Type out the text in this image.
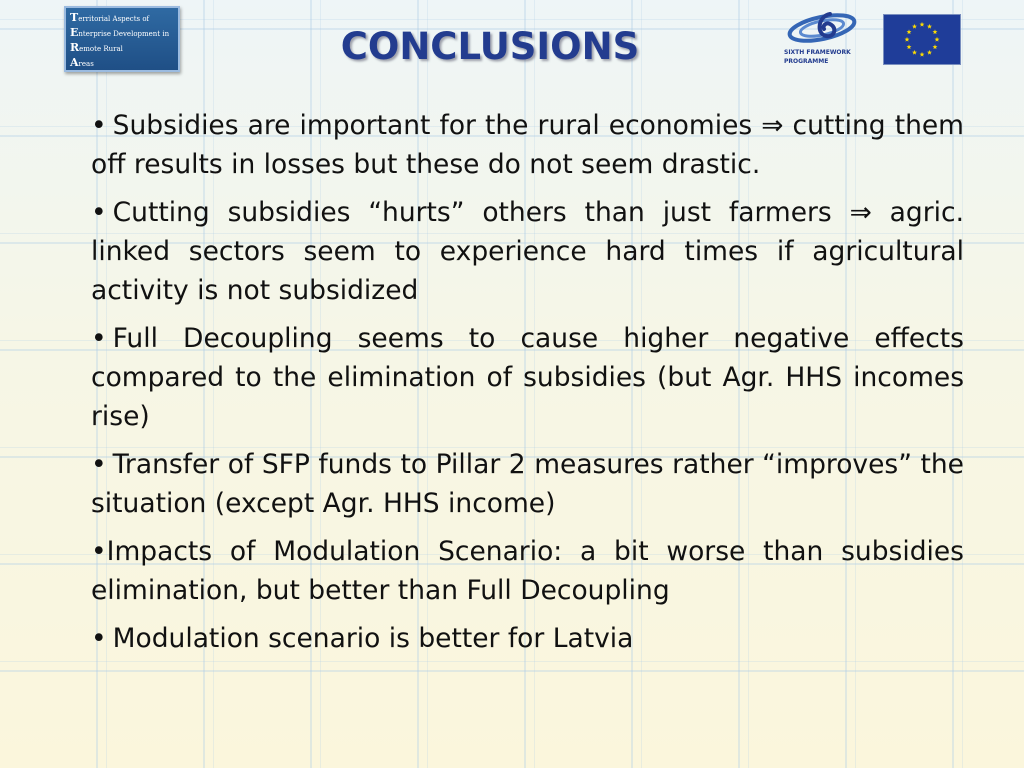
Territorial Aspects of
Enterprise Development in
Remote Rural
Areas	CONCLUSIONS	SIXTH FRAMEWORK
PROGRAMME
• Subsidies are important for the rural economies ⇒ cutting them off results in losses but these do not seem drastic.
• Cutting subsidies “hurts” others than just farmers ⇒ agric. linked sectors seem to experience hard times if agricultural activity is not subsidized
• Full Decoupling seems to cause higher negative effects compared to the elimination of subsidies (but Agr. HHS incomes rise)
• Transfer of SFP funds to Pillar 2 measures rather “improves” the situation (except Agr. HHS income)
•Impacts of Modulation Scenario: a bit worse than subsidies elimination, but better than Full Decoupling
• Modulation scenario is better for Latvia
